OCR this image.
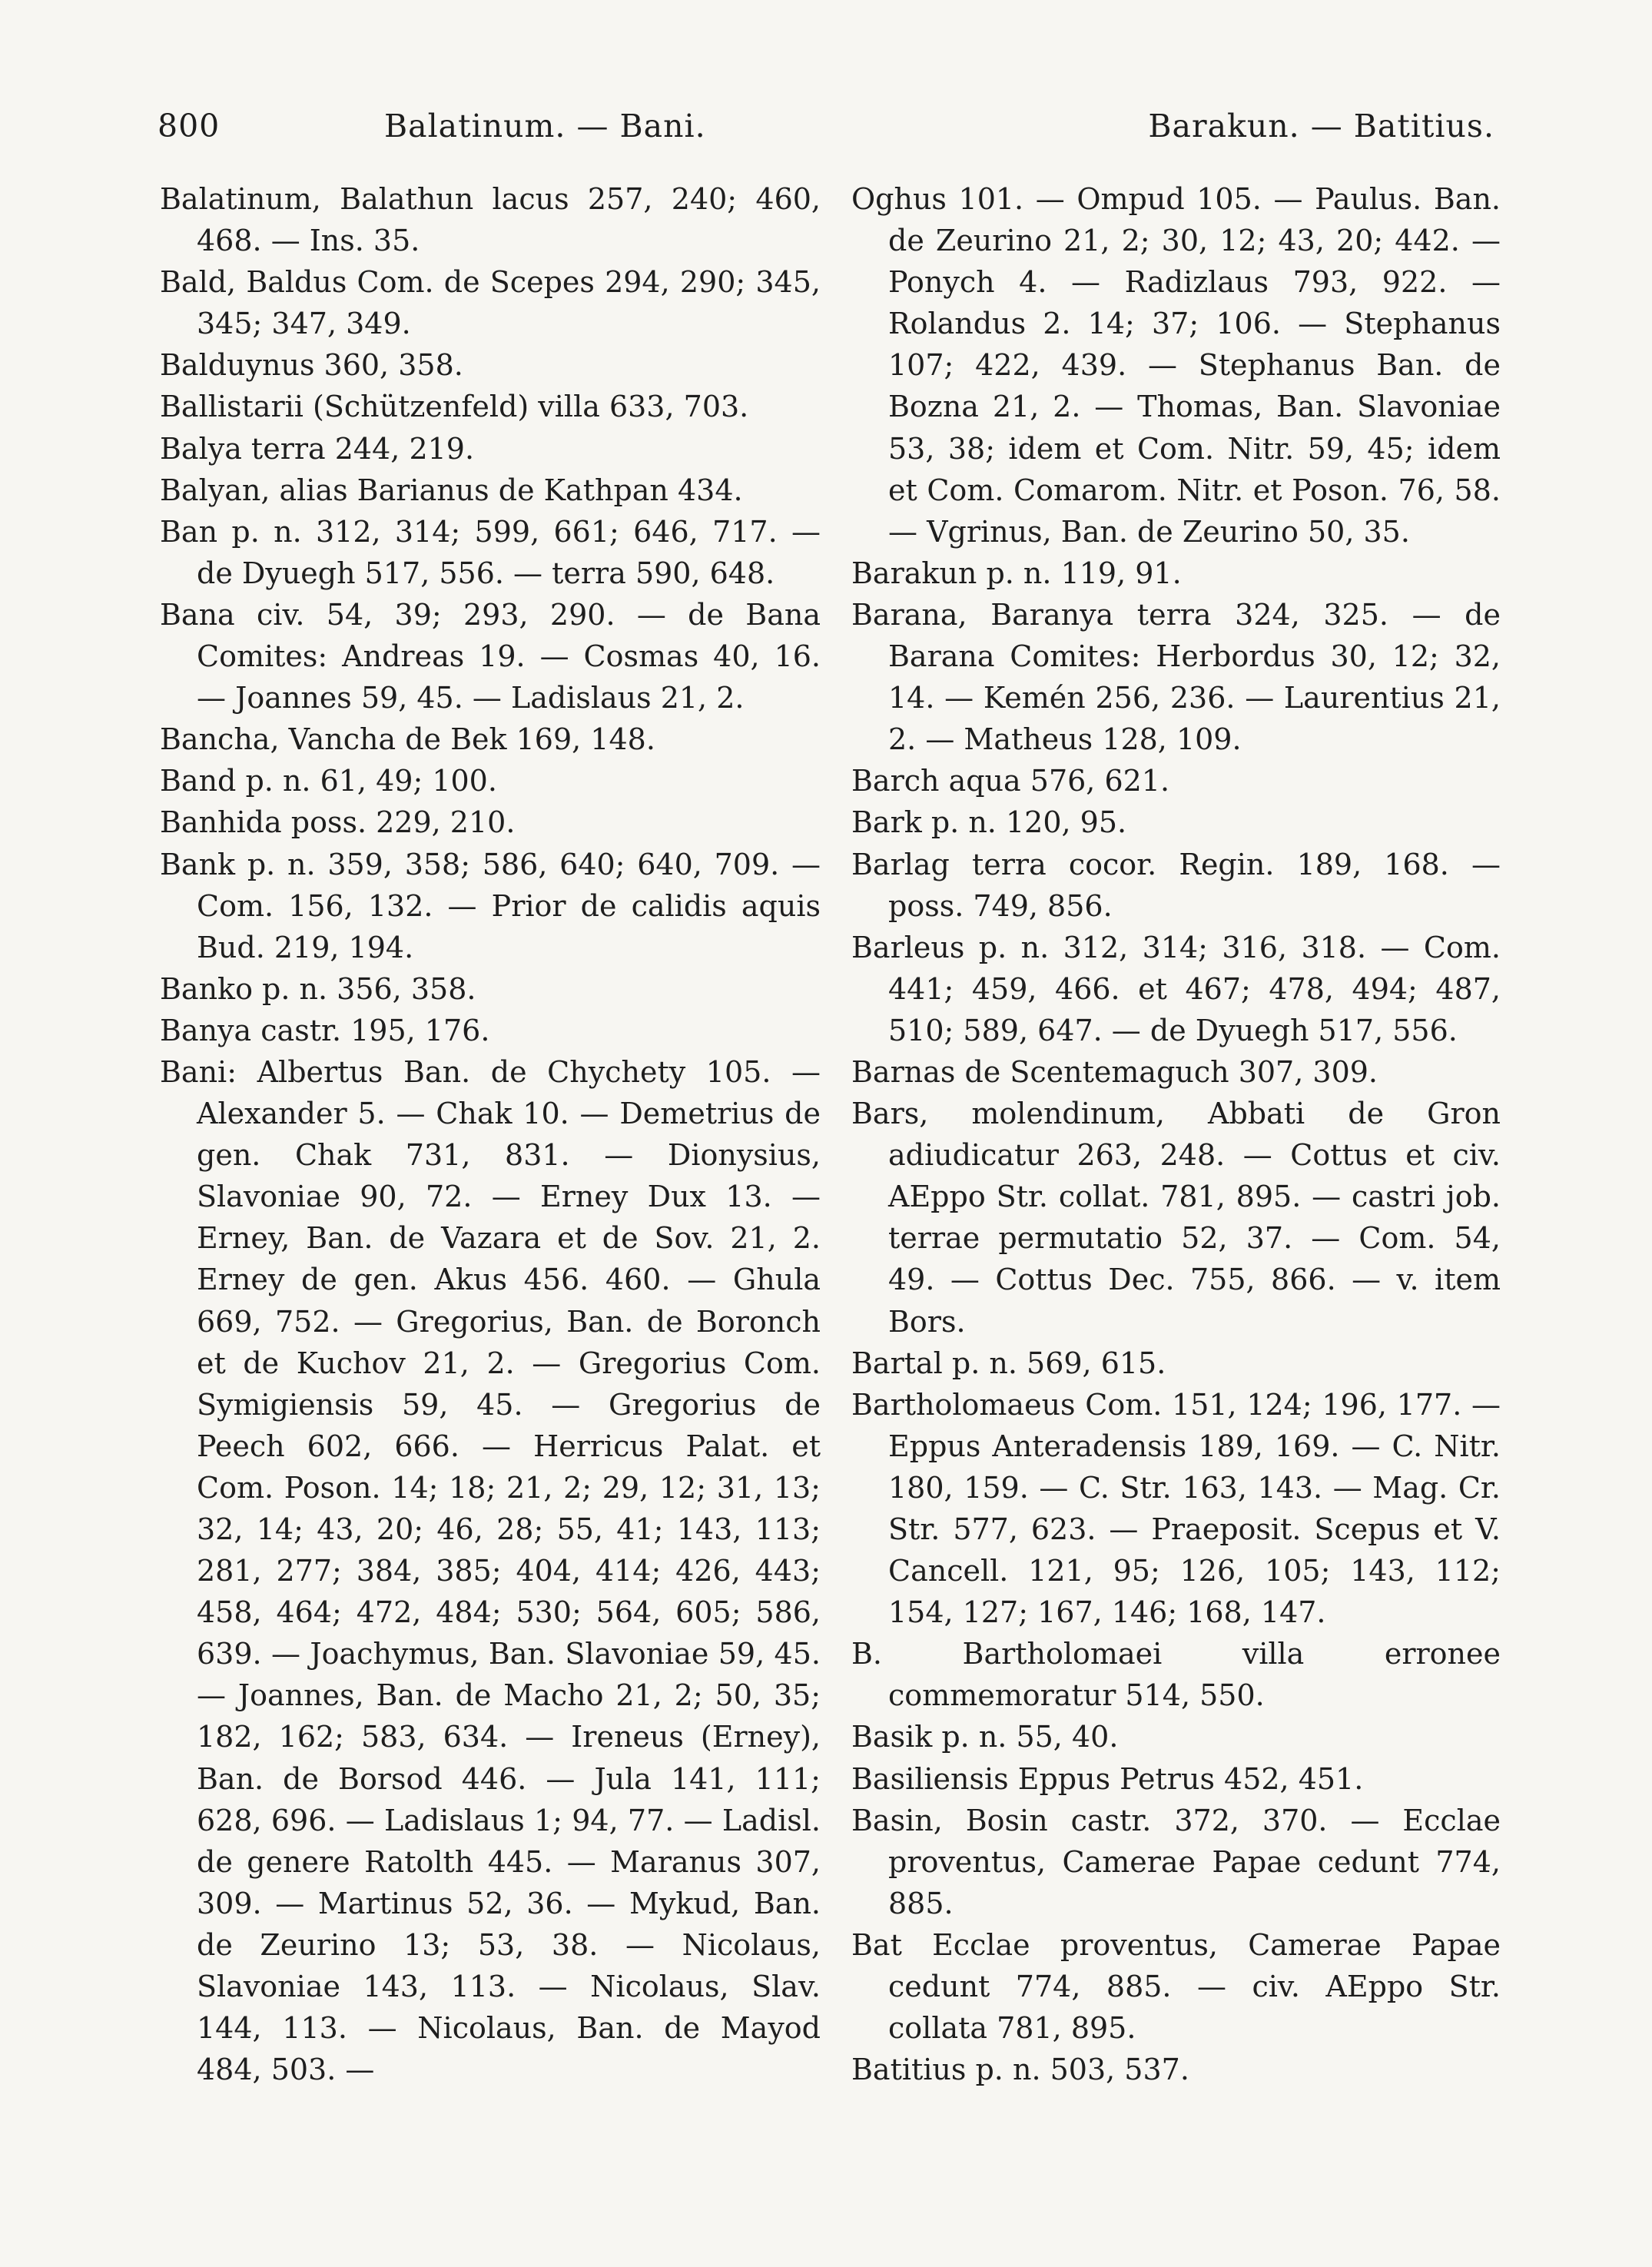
800	Balatinum. — Bani.	Barakun. — Batitius.

Balatinum, Balathun lacus 257, 240; 460, 468. — Ins. 35.

Bald, Baldus Com. de Scepes 294, 290; 345, 345; 347, 349.

Balduynus 360, 358.

Ballistarii (Schützenfeld) villa 633, 703.

Balya terra 244, 219.

Balyan, alias Barianus de Kathpan 434.

Ban p. n. 312, 314; 599, 661; 646, 717. — de Dyuegh 517, 556. — terra 590, 648.

Bana civ. 54, 39; 293, 290. — de Bana Comites: Andreas 19. — Cosmas 40, 16. — Joannes 59, 45. — Ladislaus 21, 2.

Bancha, Vancha de Bek 169, 148.

Band p. n. 61, 49; 100.

Banhida poss. 229, 210.

Bank p. n. 359, 358; 586, 640; 640, 709. — Com. 156, 132. — Prior de calidis aquis Bud. 219, 194.

Banko p. n. 356, 358.

Banya castr. 195, 176.

Bani: Albertus Ban. de Chychety 105. — Alexander 5. — Chak 10. — Demetrius de gen. Chak 731, 831. — Dionysius, Slavoniae 90, 72. — Erney Dux 13. — Erney, Ban. de Vazara et de Sov. 21, 2. Erney de gen. Akus 456. 460. — Ghula 669, 752. — Gregorius, Ban. de Boronch et de Kuchov 21, 2. — Gregorius Com. Symigiensis 59, 45. — Gregorius de Peech 602, 666. — Herricus Palat. et Com. Poson. 14; 18; 21, 2; 29, 12; 31, 13; 32, 14; 43, 20; 46, 28; 55, 41; 143, 113; 281, 277; 384, 385; 404, 414; 426, 443; 458, 464; 472, 484; 530; 564, 605; 586, 639. — Joachymus, Ban. Slavoniae 59, 45. — Joannes, Ban. de Macho 21, 2; 50, 35; 182, 162; 583, 634. — Ireneus (Erney), Ban. de Borsod 446. — Jula 141, 111; 628, 696. — Ladislaus 1; 94, 77. — Ladisl. de genere Ratolth 445. — Maranus 307, 309. — Martinus 52, 36. — Mykud, Ban. de Zeurino 13; 53, 38. — Nicolaus, Slavoniae 143, 113. — Nicolaus, Slav. 144, 113. — Nicolaus, Ban. de Mayod 484, 503. —

Oghus 101. — Ompud 105. — Paulus. Ban. de Zeurino 21, 2; 30, 12; 43, 20; 442. — Ponych 4. — Radizlaus 793, 922. — Rolandus 2. 14; 37; 106. — Stephanus 107; 422, 439. — Stephanus Ban. de Bozna 21, 2. — Thomas, Ban. Slavoniae 53, 38; idem et Com. Nitr. 59, 45; idem et Com. Comarom. Nitr. et Poson. 76, 58. — Vgrinus, Ban. de Zeurino 50, 35.

Barakun p. n. 119, 91.

Barana, Baranya terra 324, 325. — de Barana Comites: Herbordus 30, 12; 32, 14. — Kemén 256, 236. — Laurentius 21, 2. — Matheus 128, 109.

Barch aqua 576, 621.

Bark p. n. 120, 95.

Barlag terra cocor. Regin. 189, 168. — poss. 749, 856.

Barleus p. n. 312, 314; 316, 318. — Com. 441; 459, 466. et 467; 478, 494; 487, 510; 589, 647. — de Dyuegh 517, 556.

Barnas de Scentemaguch 307, 309.

Bars, molendinum, Abbati de Gron adiudicatur 263, 248. — Cottus et civ. AEppo Str. collat. 781, 895. — castri job. terrae permutatio 52, 37. — Com. 54, 49. — Cottus Dec. 755, 866. — v. item Bors.

Bartal p. n. 569, 615.

Bartholomaeus Com. 151, 124; 196, 177. — Eppus Anteradensis 189, 169. — C. Nitr. 180, 159. — C. Str. 163, 143. — Mag. Cr. Str. 577, 623. — Praeposit. Scepus et V. Cancell. 121, 95; 126, 105; 143, 112; 154, 127; 167, 146; 168, 147.

B. Bartholomaei villa erronee commemoratur 514, 550.

Basik p. n. 55, 40.

Basiliensis Eppus Petrus 452, 451.

Basin, Bosin castr. 372, 370. — Ecclae proventus, Camerae Papae cedunt 774, 885.

Bat Ecclae proventus, Camerae Papae cedunt 774, 885. — civ. AEppo Str. collata 781, 895.

Batitius p. n. 503, 537.
